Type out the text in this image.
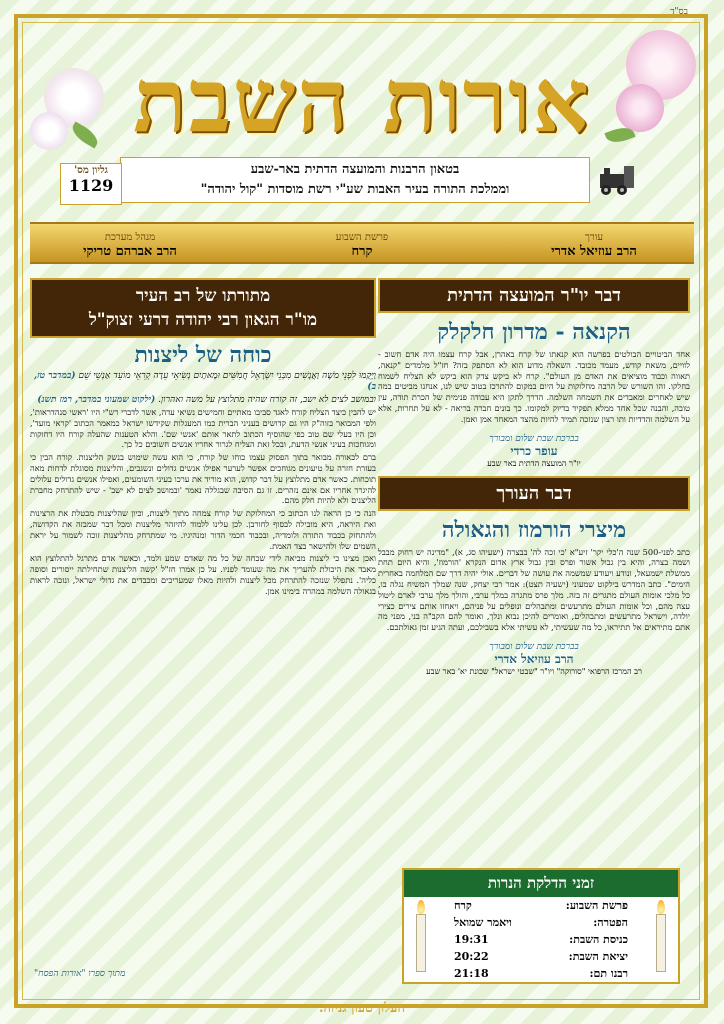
בס"ד
אורות השבת
בטאון הרבנות והמועצה הדתית באר-שבע
וממלכת התורה בעיר האבות שע"י רשת מוסדות "קול יהודה"
גליון מס'
1129
עורך
הרב עוזיאל אדרי
פרשת השבוע
קרח
מנהל מערכת
הרב אברהם טריקי
דבר יו"ר המועצה הדתית
הקנאה - מדרון חלקלק

אחד הביטויים הבולטים בפרשה הוא קנאתו של קרח באהרן, אבל קרח עצמו היה אדם חשוב - לוויים, משאת קודש, מעמד מכובד. השאלה מדוע הוא לא הסתפק בזה? חז"ל מלמדים "קנאה, תאווה וכבוד מוציאים את האדם מן העולם". קרח לא ביקש צדק הוא ביקש לא הצליח לשמוח בחלקו. זהו השורש של הרבה מחלוקות על היום במקום להתרכז בטוב שיש לנו, אנחנו מביטים במה שיש לאחרים ומאבדים את השמחה השלמה. הדרך לתקן היא עבודה פנימית של הכרת תודה, עין טובה, והבנה שכל אחד ממלא תפקיד בדיוק למקומו. כך בונים חברה בריאה - לא על תחרות, אלא על השלמה והדדיות ותו רצון שנזכה תמיד להיות מהצד המאחד אמן ואמן.

בברכת שבת שלום ומבורך
עופר כרדי
יו"ר המועצה הדתית באר שבע
דבר העורך
מיצרי הורמוז והגאולה

כתב לפני-500 שנה ה'כלי יקר' זיע"א 'כי זכה לה' בבצרה (ישעיהו סג, א), "מדינה יש רחוק מבבל ושמה בצרה, והיא בין גבול אשור ופרס ובין גבול ארץ אדום הנקרא 'הורמוז', והיא היום תחת ממשלת ישמעאל, ונודע ויעודע שמשמה את עושה של דברים. אולי יהיה דרך שם המלחמה באחרית הימים". כתב המדרש בילקוט שמעוני (ישעיה תצט): אמר רבי יצחק, שנה שמלך המשיח נגלה בו, כל מלכי אומות העולם מתגרים זה בזה. מלך פרס מתגרה במלך ערבי, והולך מלך ערבי לארם ליטול עצה מהם, וכל אומות העולם מתרעשים ומתבהלים ונופלים על פניהם, ויאחזו אותם צירים כצירי יולדה, וישראל מתרעשים ומתבהלים, ואומרים להיכן נבוא ונלך, ואומר להם הקב"ה בני, מפני מה אתם מתיראים אל תתיראו, כל מה שעשיתי, לא עשיתי אלא בשבילכם, ועתה הגיע זמן גאולתכם.

בברכת שבת שלום ומבורך
הרב עוזיאל אדרי
רב המרכז הרפואי "סורוקה" ויו"ר "שבטי ישראל" שכונת יא' באר שבע
מתורתו של רב העיר
מו"ר הגאון רבי יהודה דרעי זצוק"ל
כוחה של ליצנות
וַיָּקֻמוּ לִפְנֵי מֹשֶׁה וַאֲנָשִׁים מִבְּנֵי יִשְׂרָאֵל חֲמִשִּׁים וּמָאתָיִם נְשִׂיאֵי עֵדָה קְרִאֵי מוֹעֵד אַנְשֵׁי שֵׁם (במדבר טז, ב)
ובמושב לצים לא ישב, זה קורח שהיה מתלוצץ על משה ואהרון. (ילקוט שמעוני במדבר, רמז תשנ)

יש להבין כיצד הצליח קורח לאגד סביבו מאתיים וחמישים נשיאי עדה, אשר לדברי רש"י היו 'ראשי סנהדראות', ולפי המבואר בזוה"ק היו גם קדושים בעניני הברית כמו המעגלות שקידשו ישראל כמאמר הכתוב 'קראי מועד', וכן היו בעלי שם טוב כפי שהוסיף הכתוב לתאר אותם 'אנשי שם'. והלא הטענות שהעלה קורח היו דחוקות ומגוחכות בעיני אנשי הדעת, ובכל זאת הצליח לגרור אחריו אנשים חשובים כל כך.

ברם לכאורה מבואר בתוך הפסוק עצמו כוחו של קורח, כי הוא עשה שימוש בנשק הליצנות. קורח הבין כי בעזרת חזרה על טיעונים מגוחכים אפשר לערער אפילו אנשים גדולים ונשגבים, והליצנות מסוגלת לדחות מאה תוכחות. כאשר אדם מתלוצץ על דבר קדוש, הוא מוריד את ערכו בעיני השומעים, ואפילו אנשים גדולים עלולים להיגרר אחריו אם אינם נזהרים. זו גם הסיבה שבגללה נאמר 'ובמושב לצים לא ישב' - שיש להתרחק מחברת הליצנים ולא להיות חלק מהם.

הנה כי כן הראה לנו הכתוב כי המחלוקת של קורח צמחה מתוך ליצנות, וכיון שהליצנות מבטלת את הרצינות ואת היראה, היא מובילה לבסוף לחורבן. לכן עלינו ללמוד להיזהר מליצנות ומכל דבר שמבזה את הקדושה, ולהתחזק בכבוד התורה ולומדיה, ובכבוד חכמי הדור ומנהיגיו. מי שמתרחק מהליצנות זוכה לשמור על יראת השמים שלו ולהישאר בצד האמת.

ואכן מצינו כי ליצנות מביאה לידי שכחה של כל מה שאדם שמע ולמד, וכאשר אדם מתרגל להתלוצץ הוא מאבד את היכולת להעריך את מה שעומד לפניו. על כן אמרו חז"ל 'קשה הליצנות שתחילתה ייסורים וסופה כליה'. נתפלל שנזכה להתרחק מכל ליצנות ולהיות מאלו שמעריכים ומכבדים את גדולי ישראל, ונזכה לראות בגאולה השלמה במהרה בימינו אמן.

מתוך ספרו "אורות הפסח"
זמני הדלקת הנרות
פרשת השבוע:
קרח
הפטרה:
ויאמר שמואל
כניסת השבת:
19:31
יציאת השבת:
20:22
רבנו תם:
21:18
העלון טעון גניזה.
